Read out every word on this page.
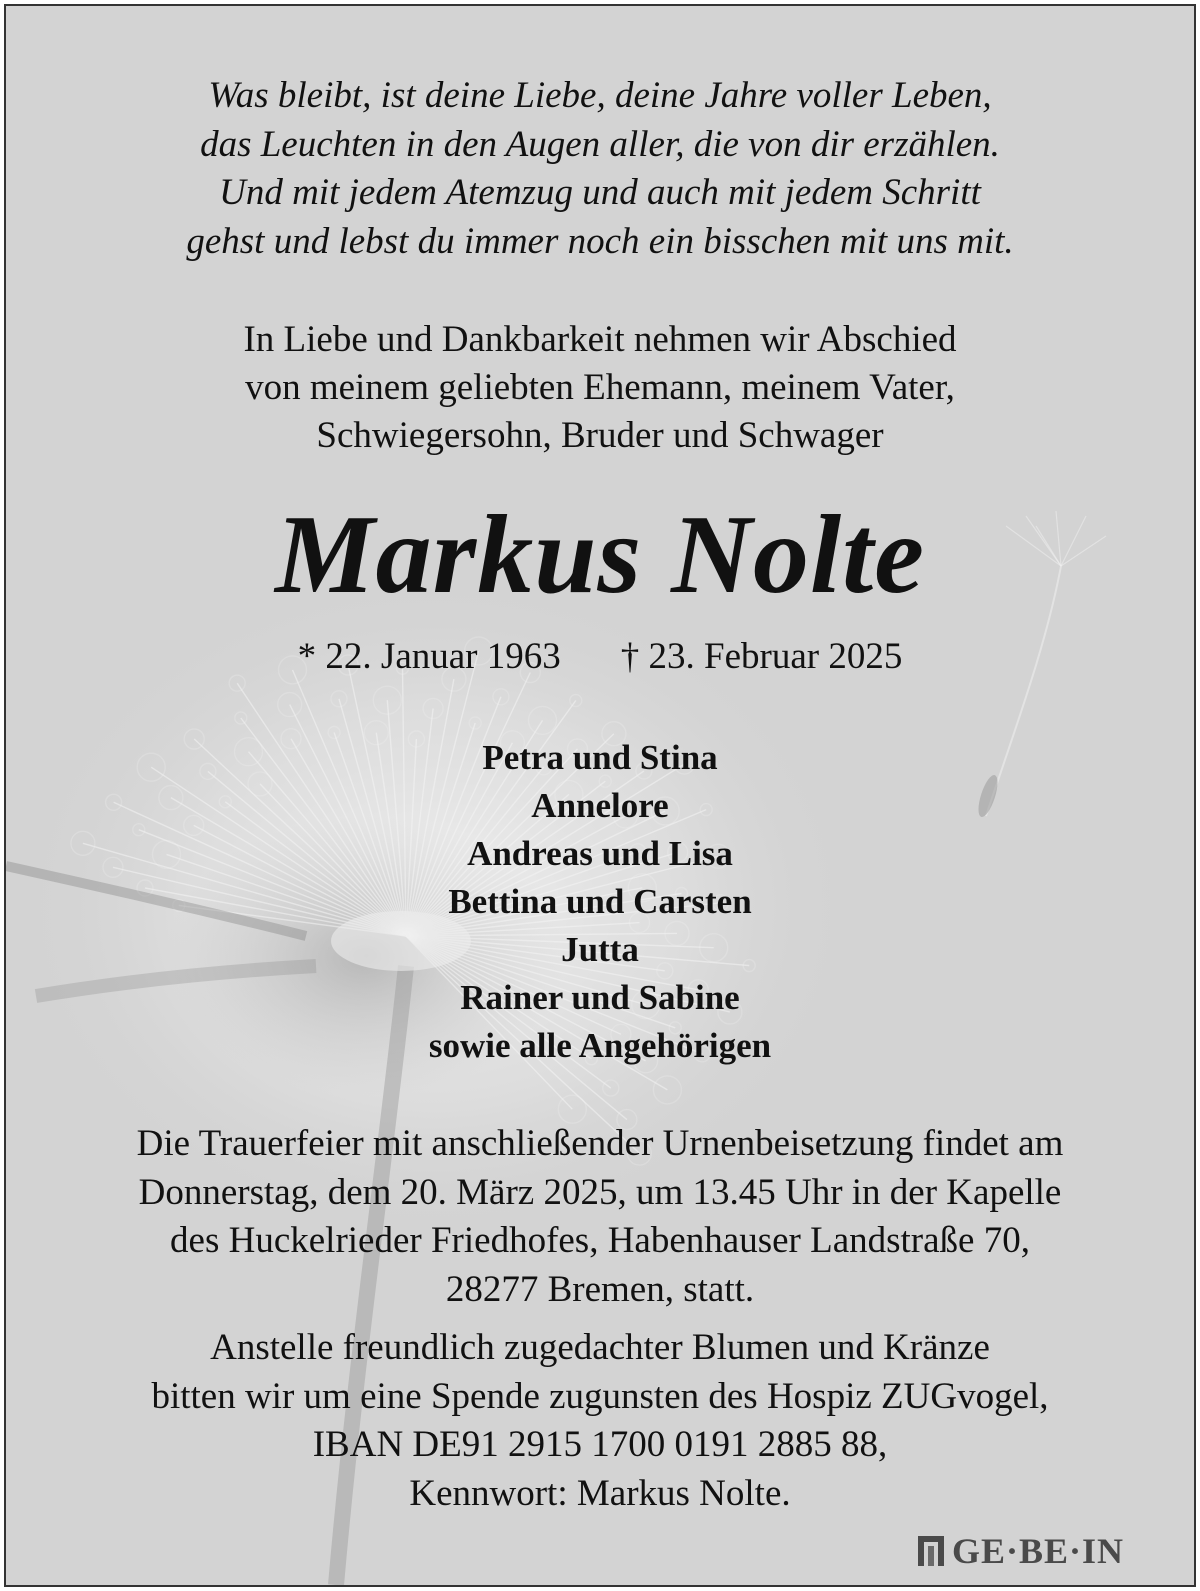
Was bleibt, ist deine Liebe, deine Jahre voller Leben,
das Leuchten in den Augen aller, die von dir erzählen.
Und mit jedem Atemzug und auch mit jedem Schritt
gehst und lebst du immer noch ein bisschen mit uns mit.
In Liebe und Dankbarkeit nehmen wir Abschied
von meinem geliebten Ehemann, meinem Vater,
Schwiegersohn, Bruder und Schwager
Markus Nolte
* 22. Januar 1963 † 23. Februar 2025
Petra und Stina
Annelore
Andreas und Lisa
Bettina und Carsten
Jutta
Rainer und Sabine
sowie alle Angehörigen
Die Trauerfeier mit anschließender Urnenbeisetzung findet am
Donnerstag, dem 20. März 2025, um 13.45 Uhr in der Kapelle
des Huckelrieder Friedhofes, Habenhauser Landstraße 70,
28277 Bremen, statt.
Anstelle freundlich zugedachter Blumen und Kränze
bitten wir um eine Spende zugunsten des Hospiz ZUGvogel,
IBAN DE91 2915 1700 0191 2885 88,
Kennwort: Markus Nolte.
GE·BE·IN
